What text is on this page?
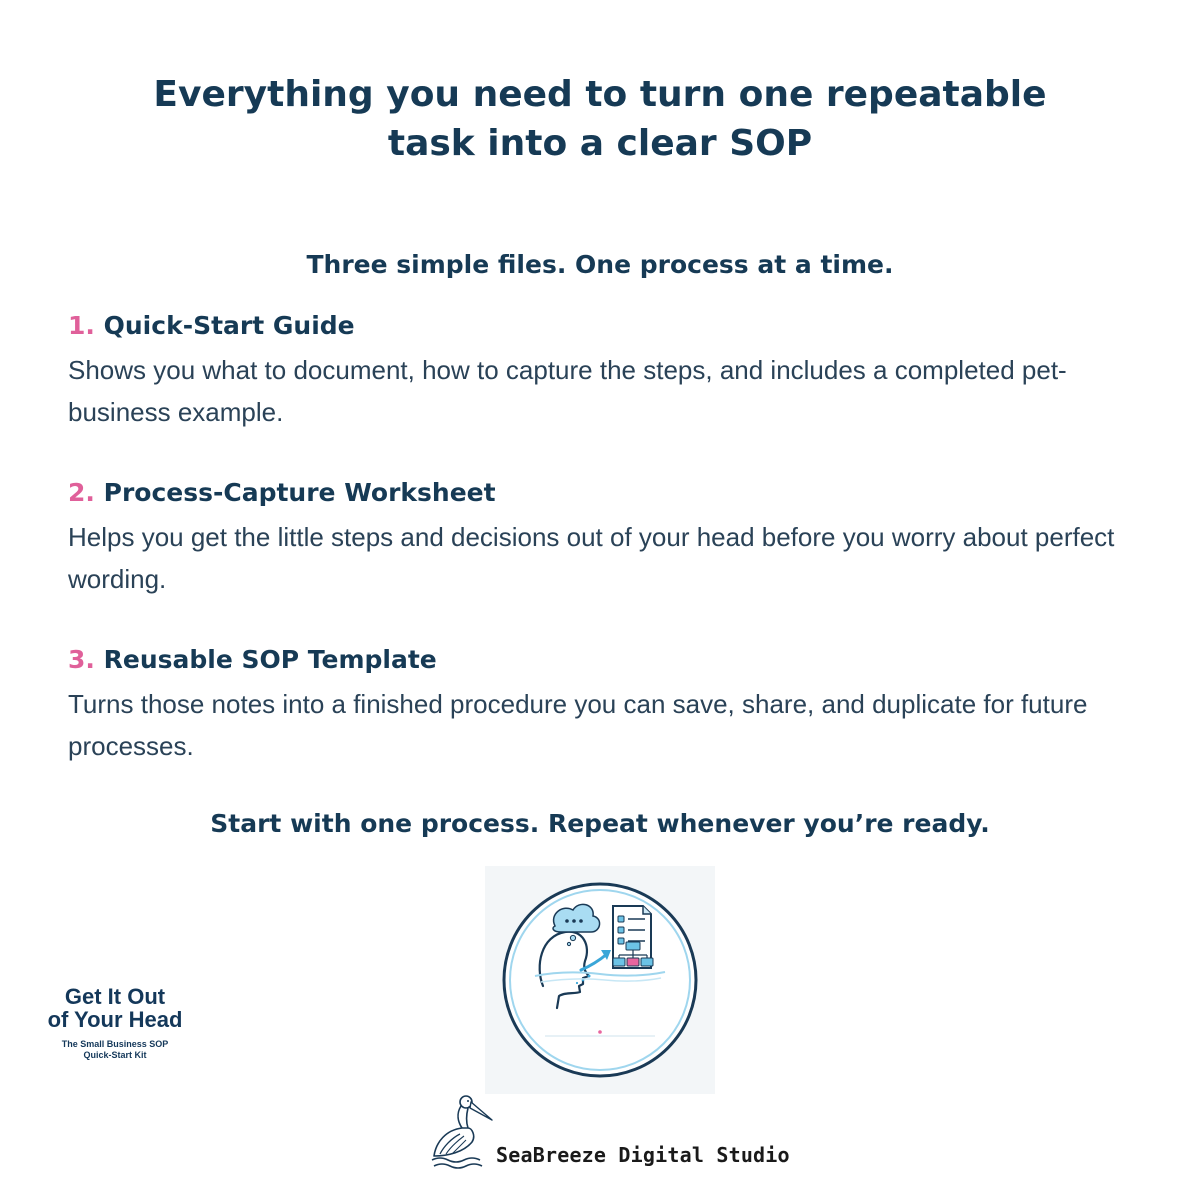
Everything you need to turn one repeatable
task into a clear SOP

Three simple files. One process at a time.

1. Quick-Start Guide

Shows you what to document, how to capture the steps, and includes a completed pet-business example.

2. Process-Capture Worksheet

Helps you get the little steps and decisions out of your head before you worry about perfect wording.

3. Reusable SOP Template

Turns those notes into a finished procedure you can save, share, and duplicate for future processes.

Start with one process. Repeat whenever you’re ready.

Get It Out
of Your Head
The Small Business SOP
Quick-Start Kit
SeaBreeze Digital Studio
